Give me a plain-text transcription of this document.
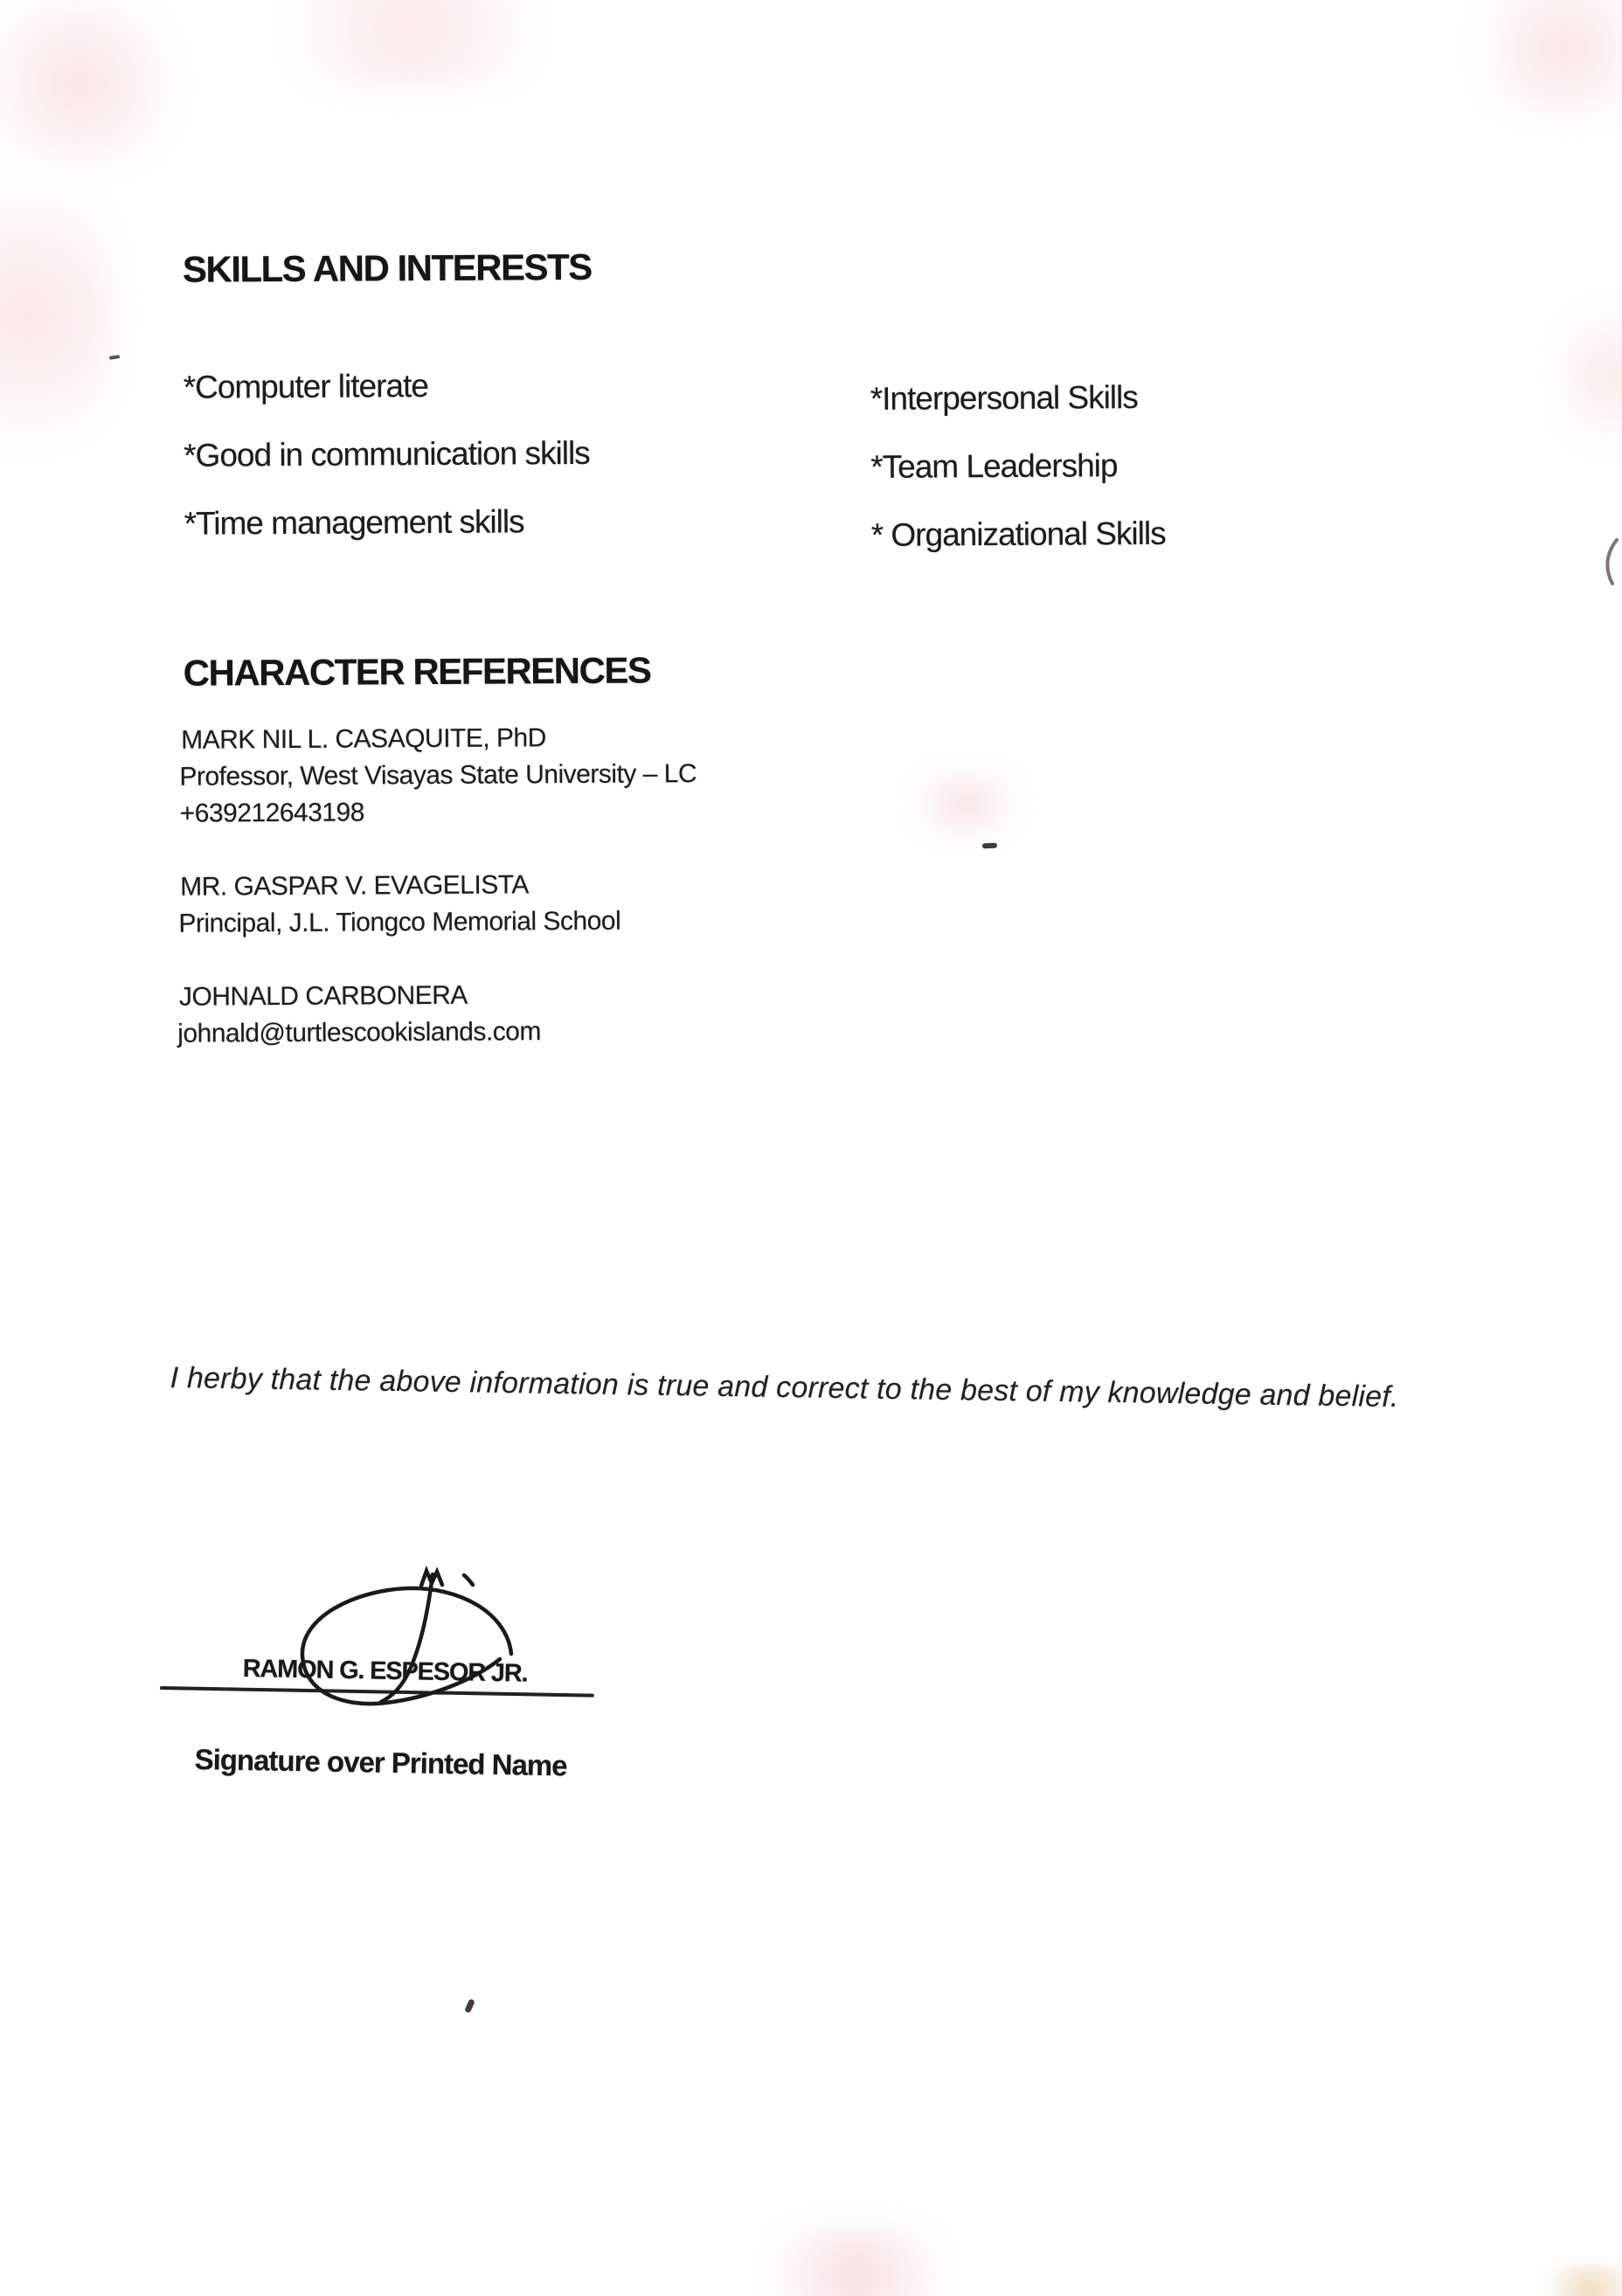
SKILLS AND INTERESTS
*Computer literate
*Good in communication skills
*Time management skills
*Interpersonal Skills
*Team Leadership
* Organizational Skills
CHARACTER REFERENCES
MARK NIL L. CASAQUITE, PhD
Professor, West Visayas State University – LC
+639212643198
MR. GASPAR V. EVAGELISTA
Principal, J.L. Tiongco Memorial School
JOHNALD CARBONERA
johnald@turtlescookislands.com
I herby that the above information is true and correct to the best of my knowledge and belief.
RAMON G. ESPESOR JR.
Signature over Printed Name
